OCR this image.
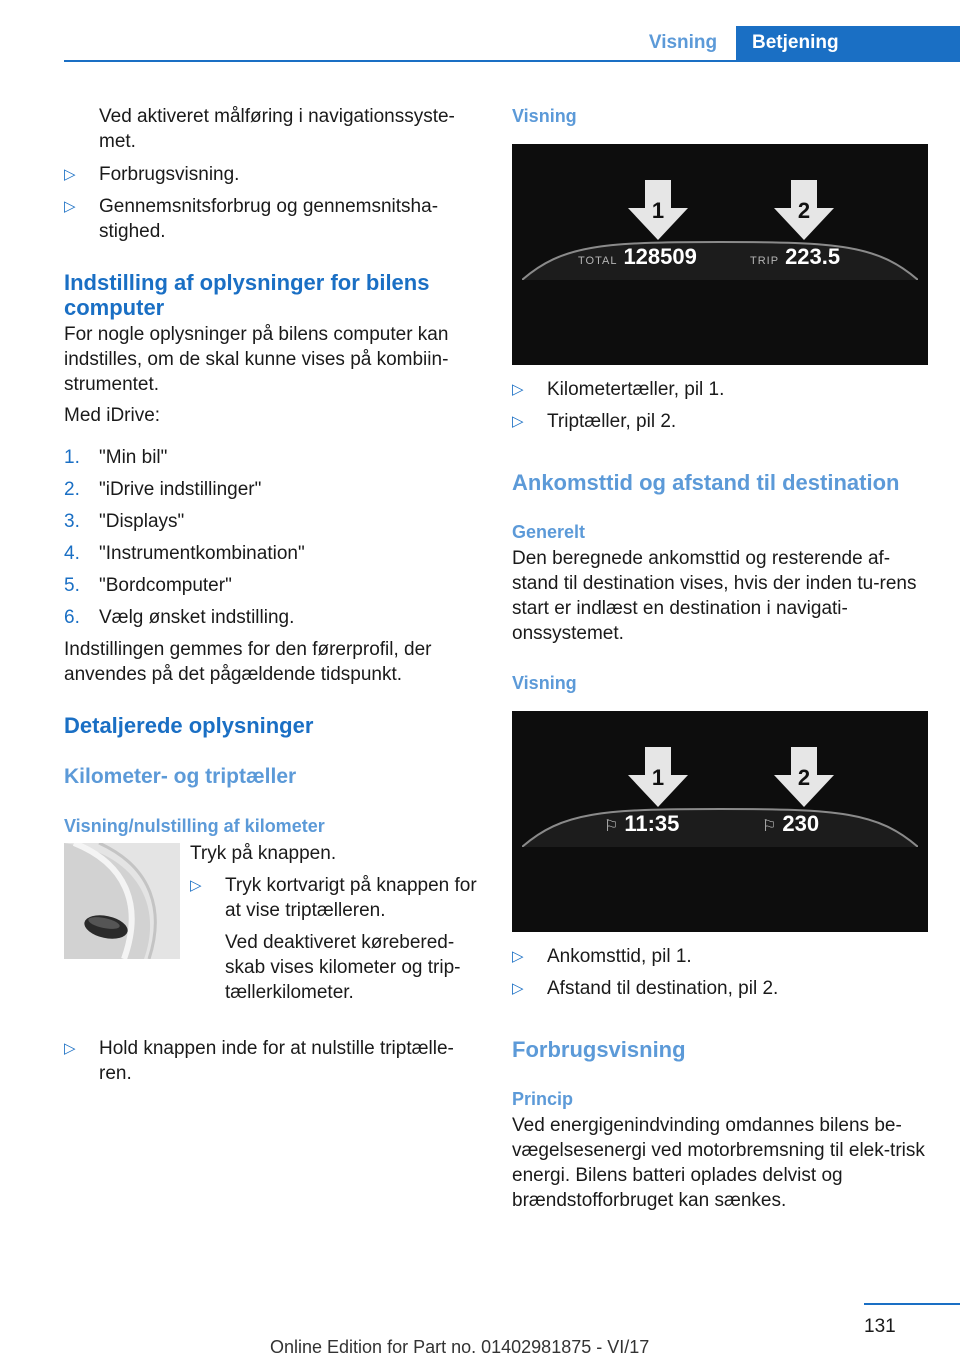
Visning	Betjening

Ved aktiveret målføring i navigationssyste-met.

▷ Forbrugsvisning.
▷ Gennemsnitsforbrug og gennemsnitsha-stighed.
Indstilling af oplysninger for bilens computer

For nogle oplysninger på bilens computer kan indstilles, om de skal kunne vises på kombiin-strumentet.

Med iDrive:

1. "Min bil"
2. "iDrive indstillinger"
3. "Displays"
4. "Instrumentkombination"
5. "Bordcomputer"
6. Vælg ønsket indstilling.

Indstillingen gemmes for den førerprofil, der anvendes på det pågældende tidspunkt.

Detaljerede oplysninger
Kilometer- og triptæller
Visning/nulstilling af kilometer

Tryk på knappen.

▷ Tryk kortvarigt på knappen for at vise triptælleren.

Ved deaktiveret kørebered-skab vises kilometer og trip-tællerkilometer.

▷ Hold knappen inde for at nulstille triptælle-ren.
Visning
1	2
TOTAL 128509	TRIP 223.5
▷ Kilometertæller, pil 1.
▷ Triptæller, pil 2.
Ankomsttid og afstand til destination
Generelt

Den beregnede ankomsttid og resterende af-stand til destination vises, hvis der inden tu-rens start er indlæst en destination i navigati-onssystemet.

Visning
1	2
⚐ 11:35	⚐ 230
▷ Ankomsttid, pil 1.
▷ Afstand til destination, pil 2.
Forbrugsvisning
Princip

Ved energigenindvinding omdannes bilens be-vægelsesenergi ved motorbremsning til elek-trisk energi. Bilens batteri oplades delvist og brændstofforbruget kan sænkes.

131
Online Edition for Part no. 01402981875 - VI/17
